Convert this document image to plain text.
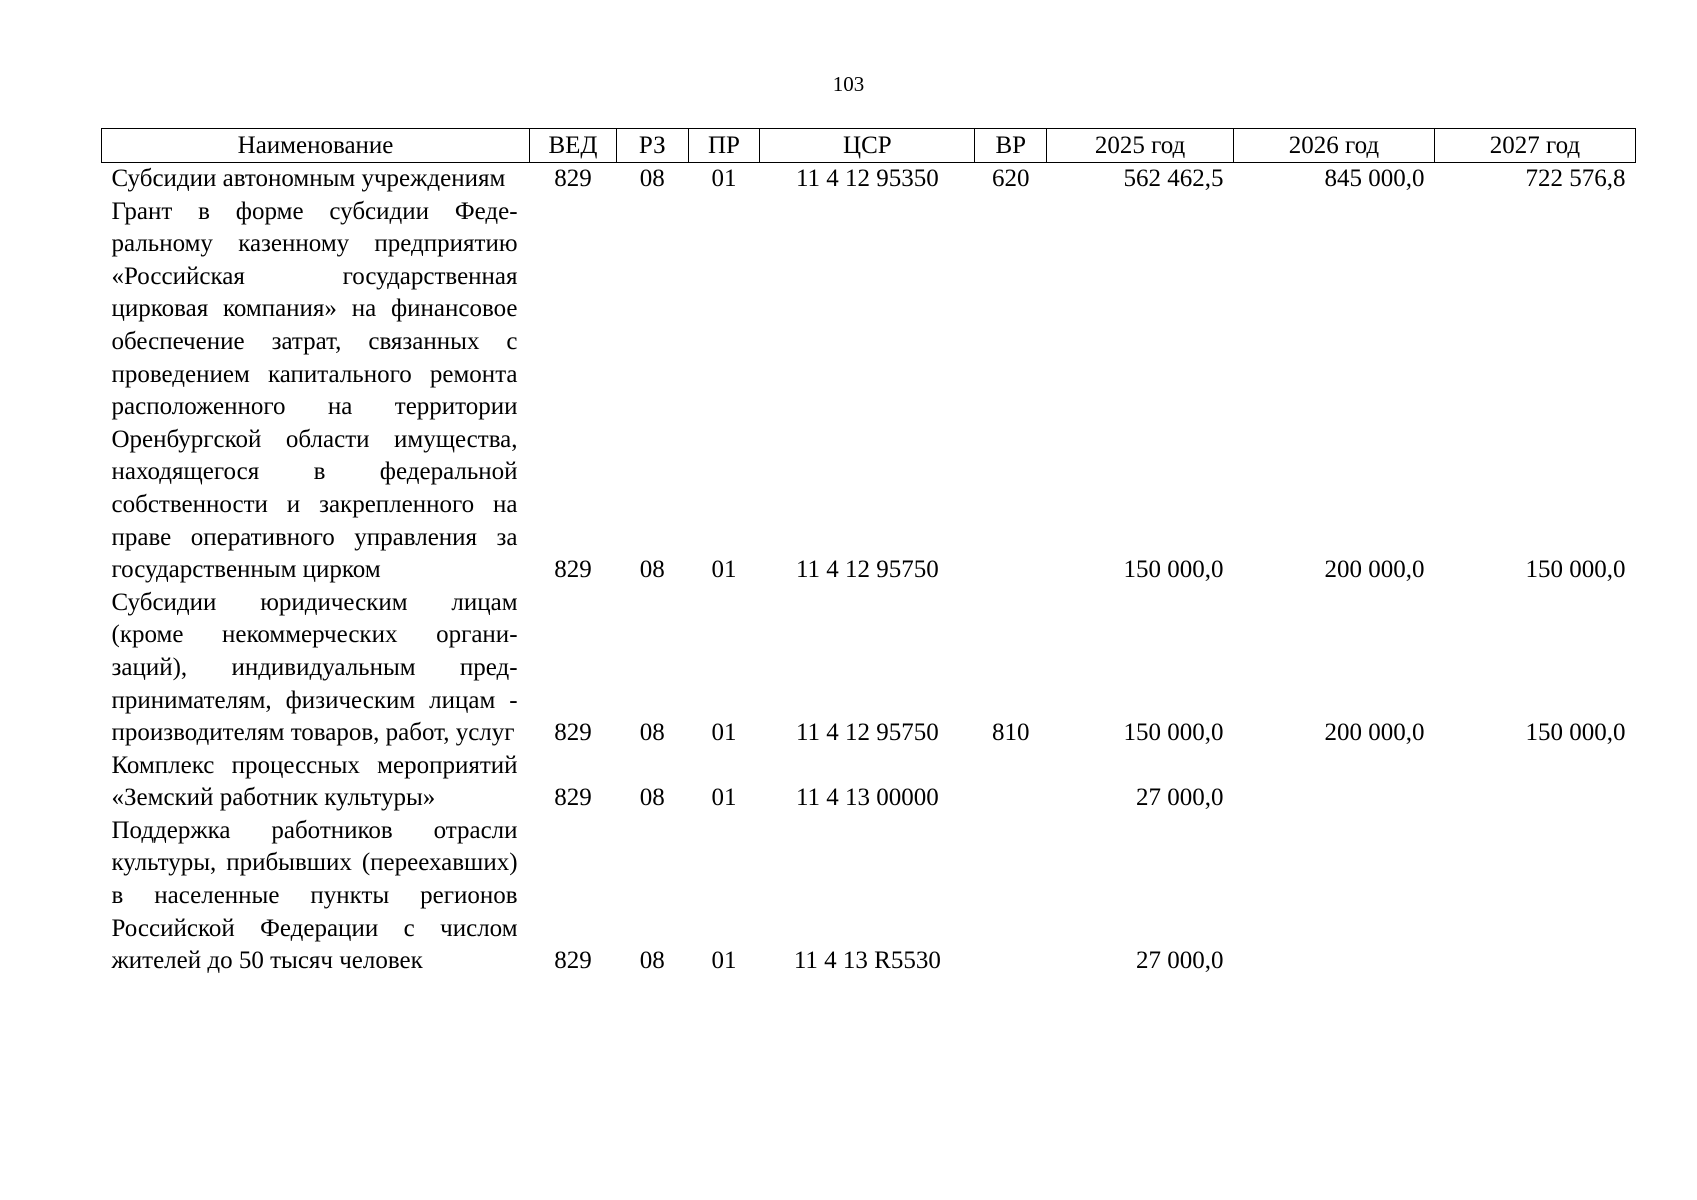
103
Наименование	ВЕД	РЗ	ПР	ЦСР	ВР	2025 год	2026 год	2027 год
Субсидии автономным учреждениям	829	08	01	11 4 12 95350	620	562 462,5	845 000,0	722 576,8
Грант в форме субсидии Федеральному казенному предприятию «Российская государственная цирковая компания» на финансовое обеспечение затрат, связанных с проведением капитального ремонта расположенного на территории Оренбургской области имущества, находящегося в федеральной собственности и закрепленного на праве оперативного управления за государственным цирком	829	08	01	11 4 12 95750		150 000,0	200 000,0	150 000,0
Субсидии юридическим лицам (кроме некоммерческих организаций), индивидуальным предпринимателям, физическим лицам - производителям товаров, работ, услуг	829	08	01	11 4 12 95750	810	150 000,0	200 000,0	150 000,0
Комплекс процессных мероприятий «Земский работник культуры»	829	08	01	11 4 13 00000		27 000,0		
Поддержка работников отрасли культуры, прибывших (переехавших) в населенные пункты регионов Российской Федерации с числом жителей до 50 тысяч человек	829	08	01	11 4 13 R5530		27 000,0		
